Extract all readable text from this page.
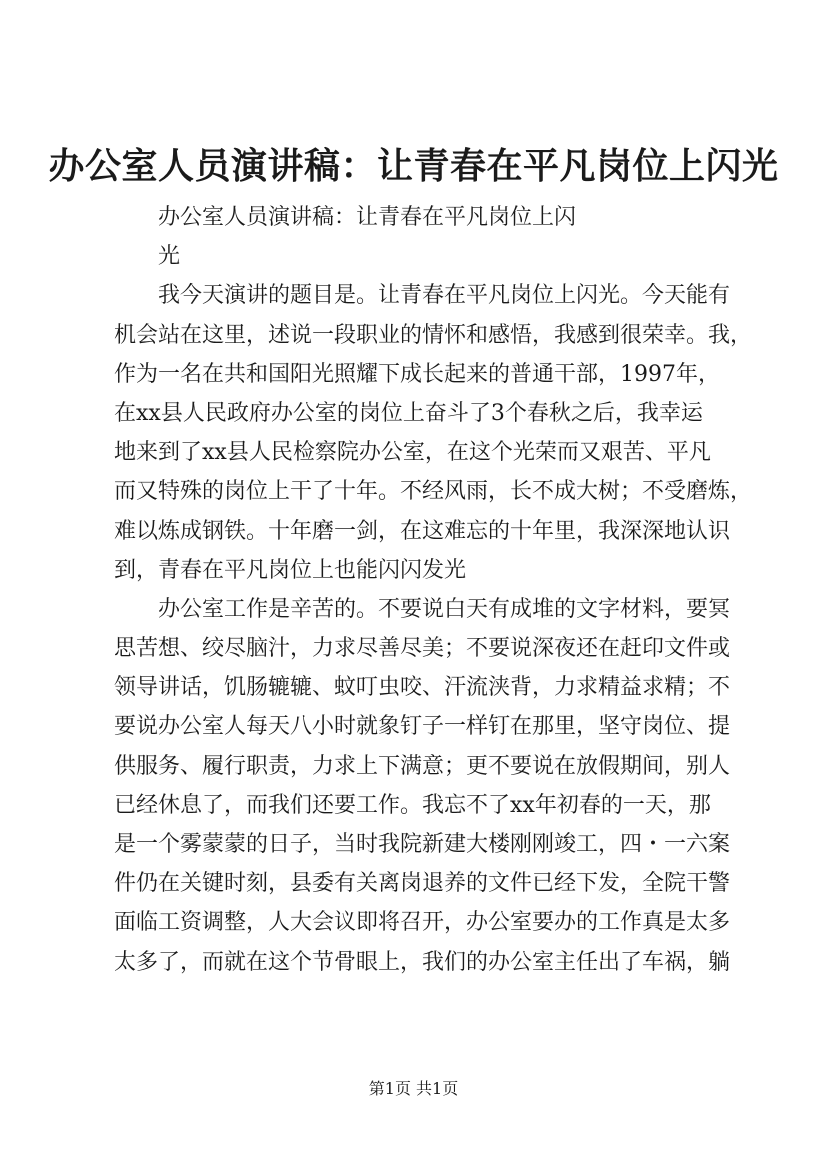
办公室人员演讲稿：让青春在平凡岗位上闪光
办公室人员演讲稿：让青春在平凡岗位上闪
光
我今天演讲的题目是。让青春在平凡岗位上闪光。今天能有
机会站在这里，述说一段职业的情怀和感悟，我感到很荣幸。我，
作为一名在共和国阳光照耀下成长起来的普通干部，1997年，
在xx县人民政府办公室的岗位上奋斗了3个春秋之后，我幸运
地来到了xx县人民检察院办公室，在这个光荣而又艰苦、平凡
而又特殊的岗位上干了十年。不经风雨，长不成大树；不受磨炼，
难以炼成钢铁。十年磨一剑，在这难忘的十年里，我深深地认识
到，青春在平凡岗位上也能闪闪发光
办公室工作是辛苦的。不要说白天有成堆的文字材料，要冥
思苦想、绞尽脑汁，力求尽善尽美；不要说深夜还在赶印文件或
领导讲话，饥肠辘辘、蚊叮虫咬、汗流浃背，力求精益求精；不
要说办公室人每天八小时就象钉子一样钉在那里，坚守岗位、提
供服务、履行职责，力求上下满意；更不要说在放假期间，别人
已经休息了，而我们还要工作。我忘不了xx年初春的一天，那
是一个雾蒙蒙的日子，当时我院新建大楼刚刚竣工，四・一六案
件仍在关键时刻，县委有关离岗退养的文件已经下发，全院干警
面临工资调整，人大会议即将召开，办公室要办的工作真是太多
太多了，而就在这个节骨眼上，我们的办公室主任出了车祸，躺
第1页 共1页
